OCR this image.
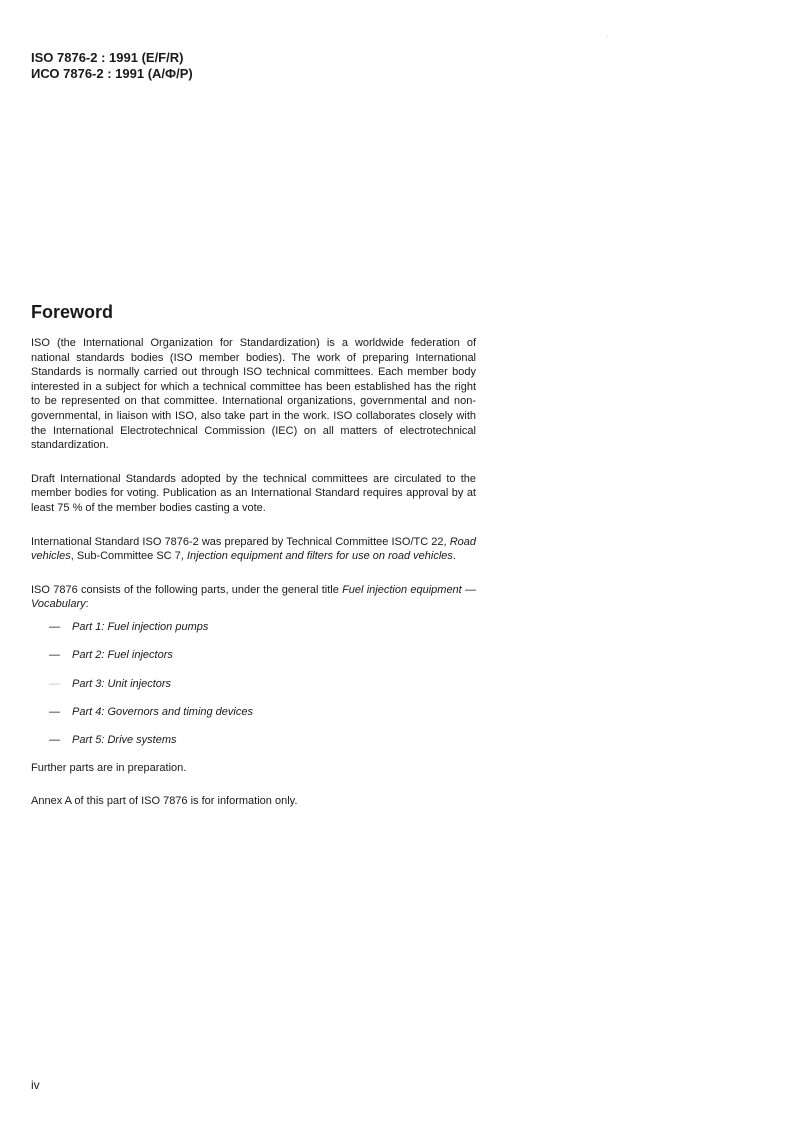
ISO 7876-2 : 1991 (E/F/R)
ИСО 7876-2 : 1991 (А/Ф/Р)
Foreword

ISO (the International Organization for Standardization) is a worldwide federation of national standards bodies (ISO member bodies). The work of preparing International Standards is normally carried out through ISO technical committees. Each member body interested in a subject for which a technical committee has been established has the right to be represented on that committee. International organizations, governmental and non-governmental, in liaison with ISO, also take part in the work. ISO collaborates closely with the International Electrotechnical Commission (IEC) on all matters of electrotechnical standardization.

Draft International Standards adopted by the technical committees are circulated to the member bodies for voting. Publication as an International Standard requires approval by at least 75 % of the member bodies casting a vote.

International Standard ISO 7876-2 was prepared by Technical Committee ISO/TC 22, Road vehicles, Sub-Committee SC 7, Injection equipment and filters for use on road vehicles.

ISO 7876 consists of the following parts, under the general title Fuel injection equipment — Vocabulary:

— Part 1: Fuel injection pumps
— Part 2: Fuel injectors
— Part 3: Unit injectors
— Part 4: Governors and timing devices
— Part 5: Drive systems

Further parts are in preparation.

Annex A of this part of ISO 7876 is for information only.

iv
